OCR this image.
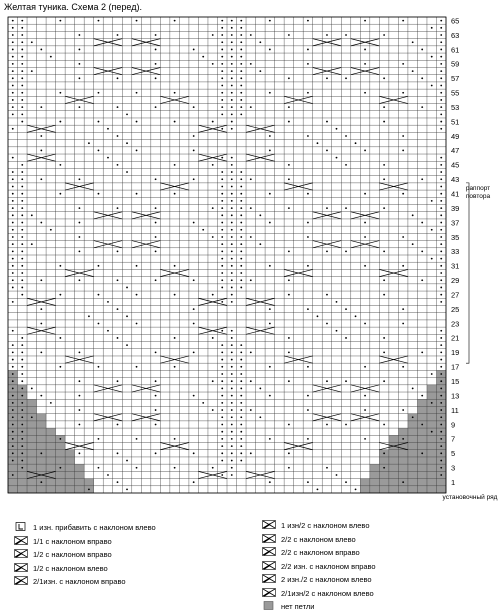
Желтая туника. Схема 2 (перед).
65
63
61
59
57
55
53
51
49
47
45
43
41
39
37
35
33
31
29
27
25
23
21
19
17
15
13
11
9
7
5
3
1
раппорт повтора
установочный ряд
1 изн. прибавить с наклоном влево
1/1 с наклоном вправо
1/2 с наклоном вправо
1/2 с наклоном влево
2/1изн. с наклоном вправо
1 изн/2 с наклоном влево
2/2 с наклоном влево
2/2 с наклоном вправо
2/2 изн. с наклоном вправо
2 изн./2 с наклоном влево
2/1изн/2 с наклоном влево
нет петли
